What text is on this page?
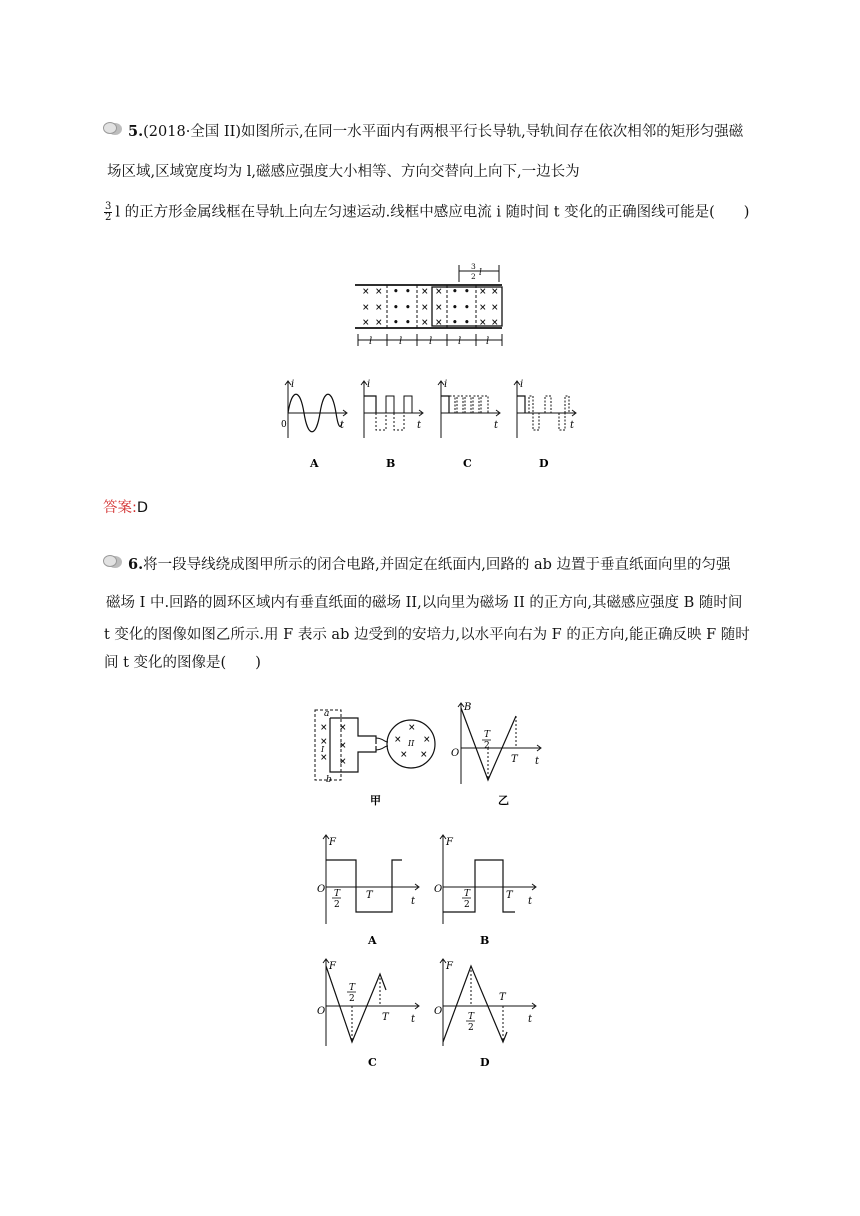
5.(2018·全国 II)如图所示,在同一水平面内有两根平行长导轨,导轨间存在依次相邻的矩形匀强磁
场区域,区域宽度均为 l,磁感应强度大小相等、方向交替向上向下,一边长为
$\frac{3}{2}$ l 的正方形金属线框在导轨上向左匀速运动.线框中感应电流 i 随时间 t 变化的正确图线可能是(　　)
× ×
× ×
× ×
• •
• •
• •
× ×
× ×
× ×
• •
• •
• •
× ×
× ×
× ×
l	l	l	l l
3
2 l
i
t
0
A
i
t
B
i
t
C
i
t
D
答案:D
6.将一段导线绕成图甲所示的闭合电路,并固定在纸面内,回路的 ab 边置于垂直纸面向里的匀强
磁场 I 中.回路的圆环区域内有垂直纸面的磁场 II,以向里为磁场 II 的正方向,其磁感应强度 B 随时间
t 变化的图像如图乙所示.用 F 表示 ab 边受到的安培力,以水平向右为 F 的正方向,能正确反映 F 随时
间 t 变化的图像是(　　)
×
×
×
×
×
×
×
×
×
× ×
a
b
I
II
甲
B
O
t
T
2
T
乙
F
O
t
T
2
T
A
F
O
t
T
2
T
B
F
O
t
T
2
T
C
F
O
t
T
2
T
D
